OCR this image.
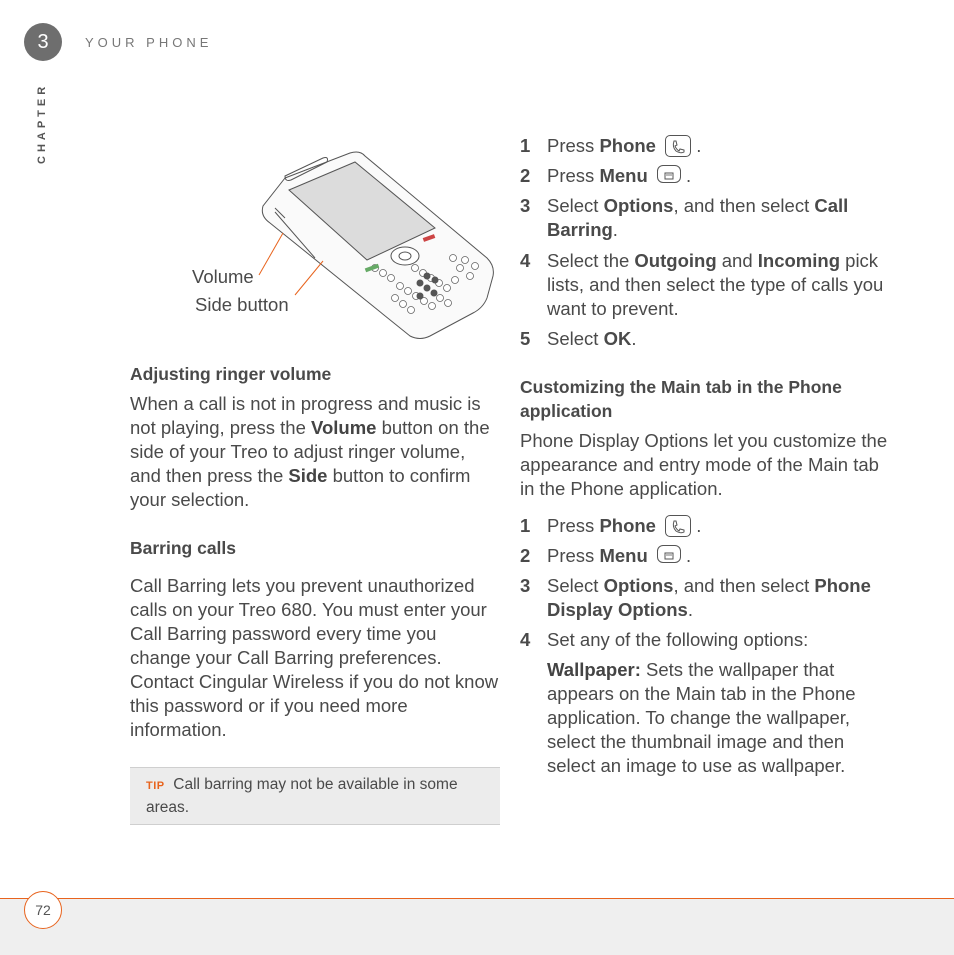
3	YOUR PHONE
CHAPTER
Volume
Side button
Adjusting ringer volume
When a call is not in progress and music is not playing, press the Volume button on the side of your Treo to adjust ringer volume, and then press the Side button to confirm your selection.
Barring calls
Call Barring lets you prevent unauthorized calls on your Treo 680. You must enter your Call Barring password every time you change your Call Barring preferences. Contact Cingular Wireless if you do not know this password or if you need more information.
TIP Call barring may not be available in some areas.
1 Press Phone  .
2 Press Menu  .
3 Select Options, and then select Call Barring.
4 Select the Outgoing and Incoming pick lists, and then select the type of calls you want to prevent.
5 Select OK.
Customizing the Main tab in the Phone application
Phone Display Options let you customize the appearance and entry mode of the Main tab in the Phone application.
1 Press Phone  .
2 Press Menu  .
3 Select Options, and then select Phone Display Options.
4 Set any of the following options:
Wallpaper: Sets the wallpaper that appears on the Main tab in the Phone application. To change the wallpaper, select the thumbnail image and then select an image to use as wallpaper.
72
